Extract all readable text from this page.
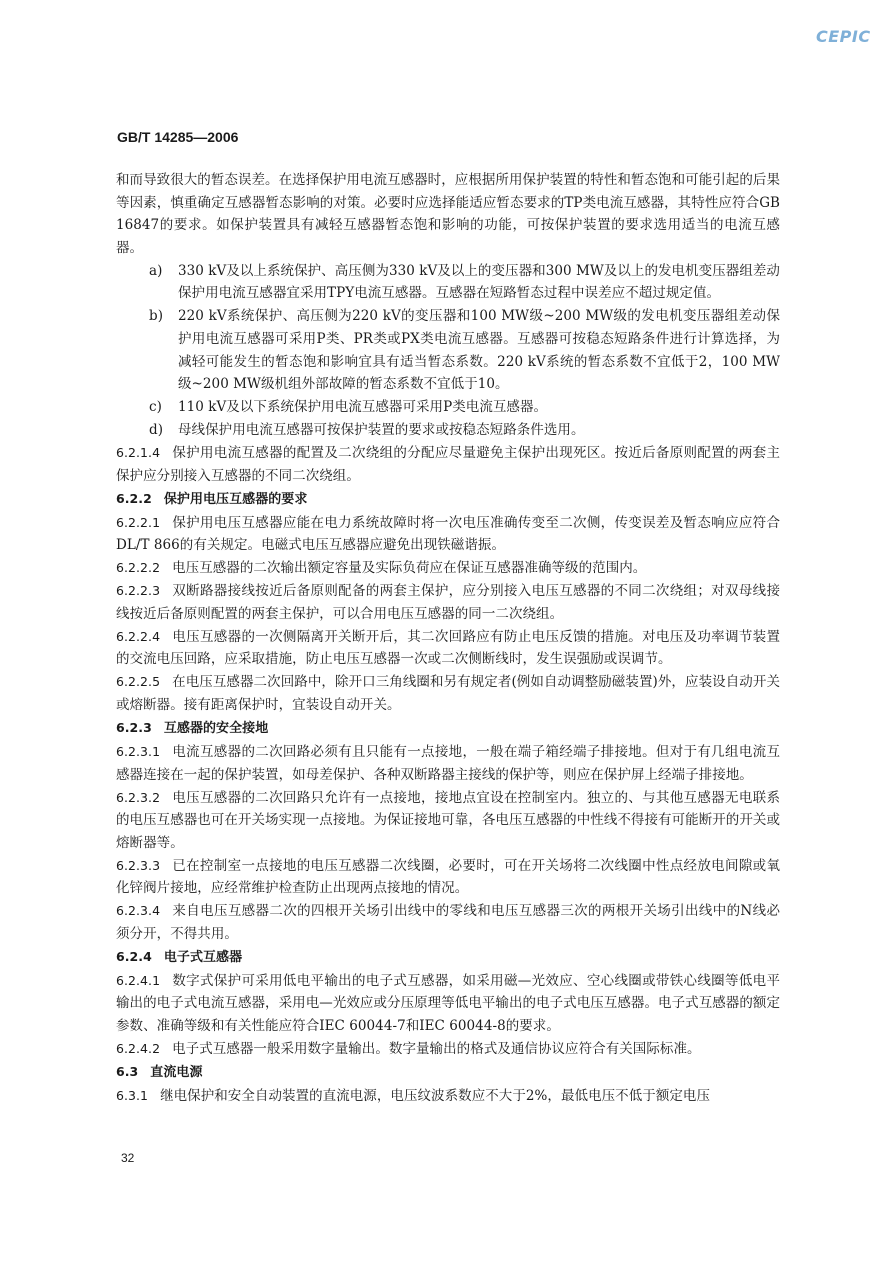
CEPIC
GB/T 14285—2006

和而导致很大的暂态误差。在选择保护用电流互感器时，应根据所用保护装置的特性和暂态饱和可能引起的后果等因素，慎重确定互感器暂态影响的对策。必要时应选择能适应暂态要求的TP类电流互感器，其特性应符合GB 16847的要求。如保护装置具有减轻互感器暂态饱和影响的功能，可按保护装置的要求选用适当的电流互感器。

a)	330 kV及以上系统保护、高压侧为330 kV及以上的变压器和300 MW及以上的发电机变压器组差动保护用电流互感器宜采用TPY电流互感器。互感器在短路暂态过程中误差应不超过规定值。
b)	220 kV系统保护、高压侧为220 kV的变压器和100 MW级~200 MW级的发电机变压器组差动保护用电流互感器可采用P类、PR类或PX类电流互感器。互感器可按稳态短路条件进行计算选择，为减轻可能发生的暂态饱和影响宜具有适当暂态系数。220 kV系统的暂态系数不宜低于2，100 MW级~200 MW级机组外部故障的暂态系数不宜低于10。
c)	110 kV及以下系统保护用电流互感器可采用P类电流互感器。
d)	母线保护用电流互感器可按保护装置的要求或按稳态短路条件选用。

6.2.1.4 保护用电流互感器的配置及二次绕组的分配应尽量避免主保护出现死区。按近后备原则配置的两套主保护应分别接入互感器的不同二次绕组。

6.2.2 保护用电压互感器的要求

6.2.2.1 保护用电压互感器应能在电力系统故障时将一次电压准确传变至二次侧，传变误差及暂态响应应符合DL/T 866的有关规定。电磁式电压互感器应避免出现铁磁谐振。

6.2.2.2 电压互感器的二次输出额定容量及实际负荷应在保证互感器准确等级的范围内。

6.2.2.3 双断路器接线按近后备原则配备的两套主保护，应分别接入电压互感器的不同二次绕组；对双母线接线按近后备原则配置的两套主保护，可以合用电压互感器的同一二次绕组。

6.2.2.4 电压互感器的一次侧隔离开关断开后，其二次回路应有防止电压反馈的措施。对电压及功率调节装置的交流电压回路，应采取措施，防止电压互感器一次或二次侧断线时，发生误强励或误调节。

6.2.2.5 在电压互感器二次回路中，除开口三角线圈和另有规定者(例如自动调整励磁装置)外，应装设自动开关或熔断器。接有距离保护时，宜装设自动开关。

6.2.3 互感器的安全接地

6.2.3.1 电流互感器的二次回路必须有且只能有一点接地，一般在端子箱经端子排接地。但对于有几组电流互感器连接在一起的保护装置，如母差保护、各种双断路器主接线的保护等，则应在保护屏上经端子排接地。

6.2.3.2 电压互感器的二次回路只允许有一点接地，接地点宜设在控制室内。独立的、与其他互感器无电联系的电压互感器也可在开关场实现一点接地。为保证接地可靠，各电压互感器的中性线不得接有可能断开的开关或熔断器等。

6.2.3.3 已在控制室一点接地的电压互感器二次线圈，必要时，可在开关场将二次线圈中性点经放电间隙或氧化锌阀片接地，应经常维护检查防止出现两点接地的情况。

6.2.3.4 来自电压互感器二次的四根开关场引出线中的零线和电压互感器三次的两根开关场引出线中的N线必须分开，不得共用。

6.2.4 电子式互感器

6.2.4.1 数字式保护可采用低电平输出的电子式互感器，如采用磁—光效应、空心线圈或带铁心线圈等低电平输出的电子式电流互感器，采用电—光效应或分压原理等低电平输出的电子式电压互感器。电子式互感器的额定参数、准确等级和有关性能应符合IEC 60044-7和IEC 60044-8的要求。

6.2.4.2 电子式互感器一般采用数字量输出。数字量输出的格式及通信协议应符合有关国际标准。

6.3 直流电源

6.3.1 继电保护和安全自动装置的直流电源，电压纹波系数应不大于2%，最低电压不低于额定电压

32
